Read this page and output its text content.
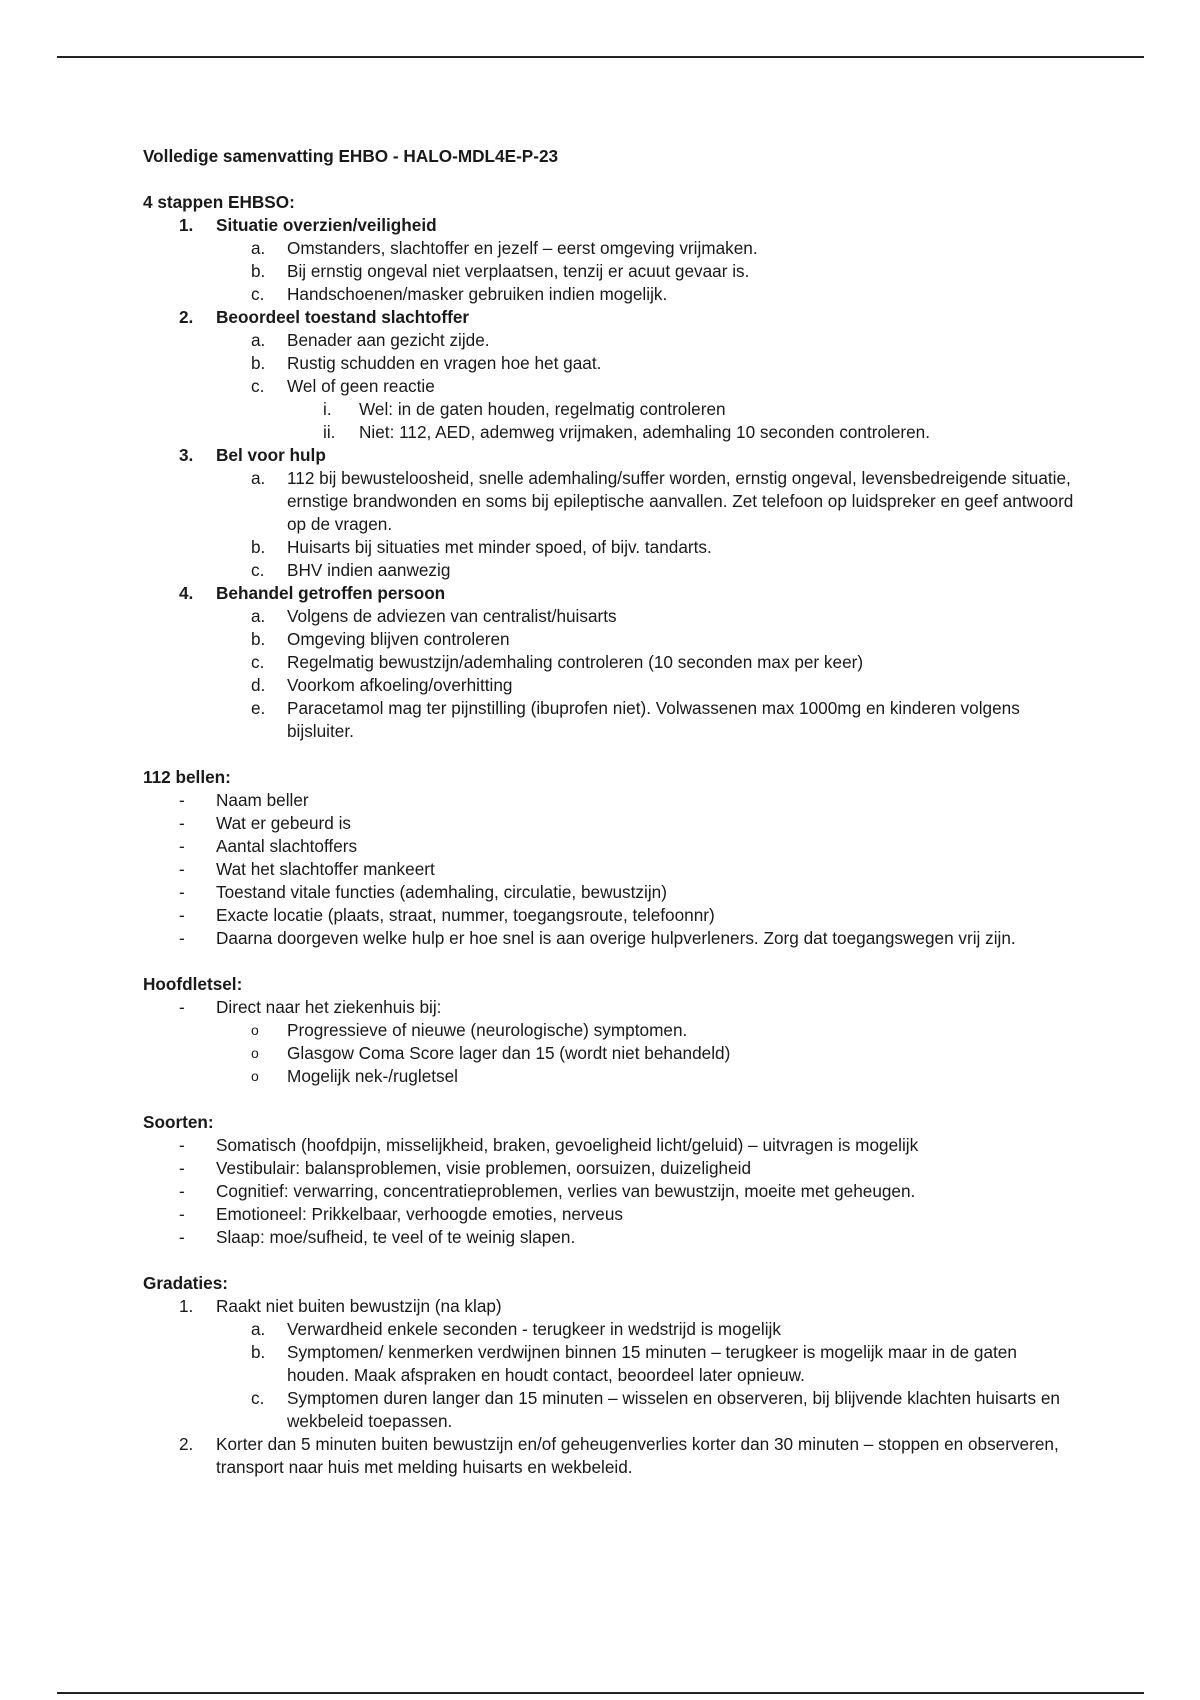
Volledige samenvatting EHBO - HALO-MDL4E-P-23
4 stappen EHBSO:
1. Situatie overzien/veiligheid
a. Omstanders, slachtoffer en jezelf – eerst omgeving vrijmaken.
b. Bij ernstig ongeval niet verplaatsen, tenzij er acuut gevaar is.
c. Handschoenen/masker gebruiken indien mogelijk.
2. Beoordeel toestand slachtoffer
a. Benader aan gezicht zijde.
b. Rustig schudden en vragen hoe het gaat.
c. Wel of geen reactie
i. Wel: in de gaten houden, regelmatig controleren
ii. Niet: 112, AED, ademweg vrijmaken, ademhaling 10 seconden controleren.
3. Bel voor hulp
a. 112 bij bewusteloosheid, snelle ademhaling/suffer worden, ernstig ongeval, levensbedreigende situatie, ernstige brandwonden en soms bij epileptische aanvallen. Zet telefoon op luidspreker en geef antwoord op de vragen.
b. Huisarts bij situaties met minder spoed, of bijv. tandarts.
c. BHV indien aanwezig
4. Behandel getroffen persoon
a. Volgens de adviezen van centralist/huisarts
b. Omgeving blijven controleren
c. Regelmatig bewustzijn/ademhaling controleren (10 seconden max per keer)
d. Voorkom afkoeling/overhitting
e. Paracetamol mag ter pijnstilling (ibuprofen niet). Volwassenen max 1000mg en kinderen volgens bijsluiter.
112 bellen:
- Naam beller
- Wat er gebeurd is
- Aantal slachtoffers
- Wat het slachtoffer mankeert
- Toestand vitale functies (ademhaling, circulatie, bewustzijn)
- Exacte locatie (plaats, straat, nummer, toegangsroute, telefoonnr)
- Daarna doorgeven welke hulp er hoe snel is aan overige hulpverleners. Zorg dat toegangswegen vrij zijn.
Hoofdletsel:
- Direct naar het ziekenhuis bij:
o Progressieve of nieuwe (neurologische) symptomen.
o Glasgow Coma Score lager dan 15 (wordt niet behandeld)
o Mogelijk nek-/rugletsel
Soorten:
- Somatisch (hoofdpijn, misselijkheid, braken, gevoeligheid licht/geluid) – uitvragen is mogelijk
- Vestibulair: balansproblemen, visie problemen, oorsuizen, duizeligheid
- Cognitief: verwarring, concentratieproblemen, verlies van bewustzijn, moeite met geheugen.
- Emotioneel: Prikkelbaar, verhoogde emoties, nerveus
- Slaap: moe/sufheid, te veel of te weinig slapen.
Gradaties:
1. Raakt niet buiten bewustzijn (na klap)
a. Verwardheid enkele seconden - terugkeer in wedstrijd is mogelijk
b. Symptomen/ kenmerken verdwijnen binnen 15 minuten – terugkeer is mogelijk maar in de gaten houden. Maak afspraken en houdt contact, beoordeel later opnieuw.
c. Symptomen duren langer dan 15 minuten – wisselen en observeren, bij blijvende klachten huisarts en wekbeleid toepassen.
2. Korter dan 5 minuten buiten bewustzijn en/of geheugenverlies korter dan 30 minuten – stoppen en observeren, transport naar huis met melding huisarts en wekbeleid.
